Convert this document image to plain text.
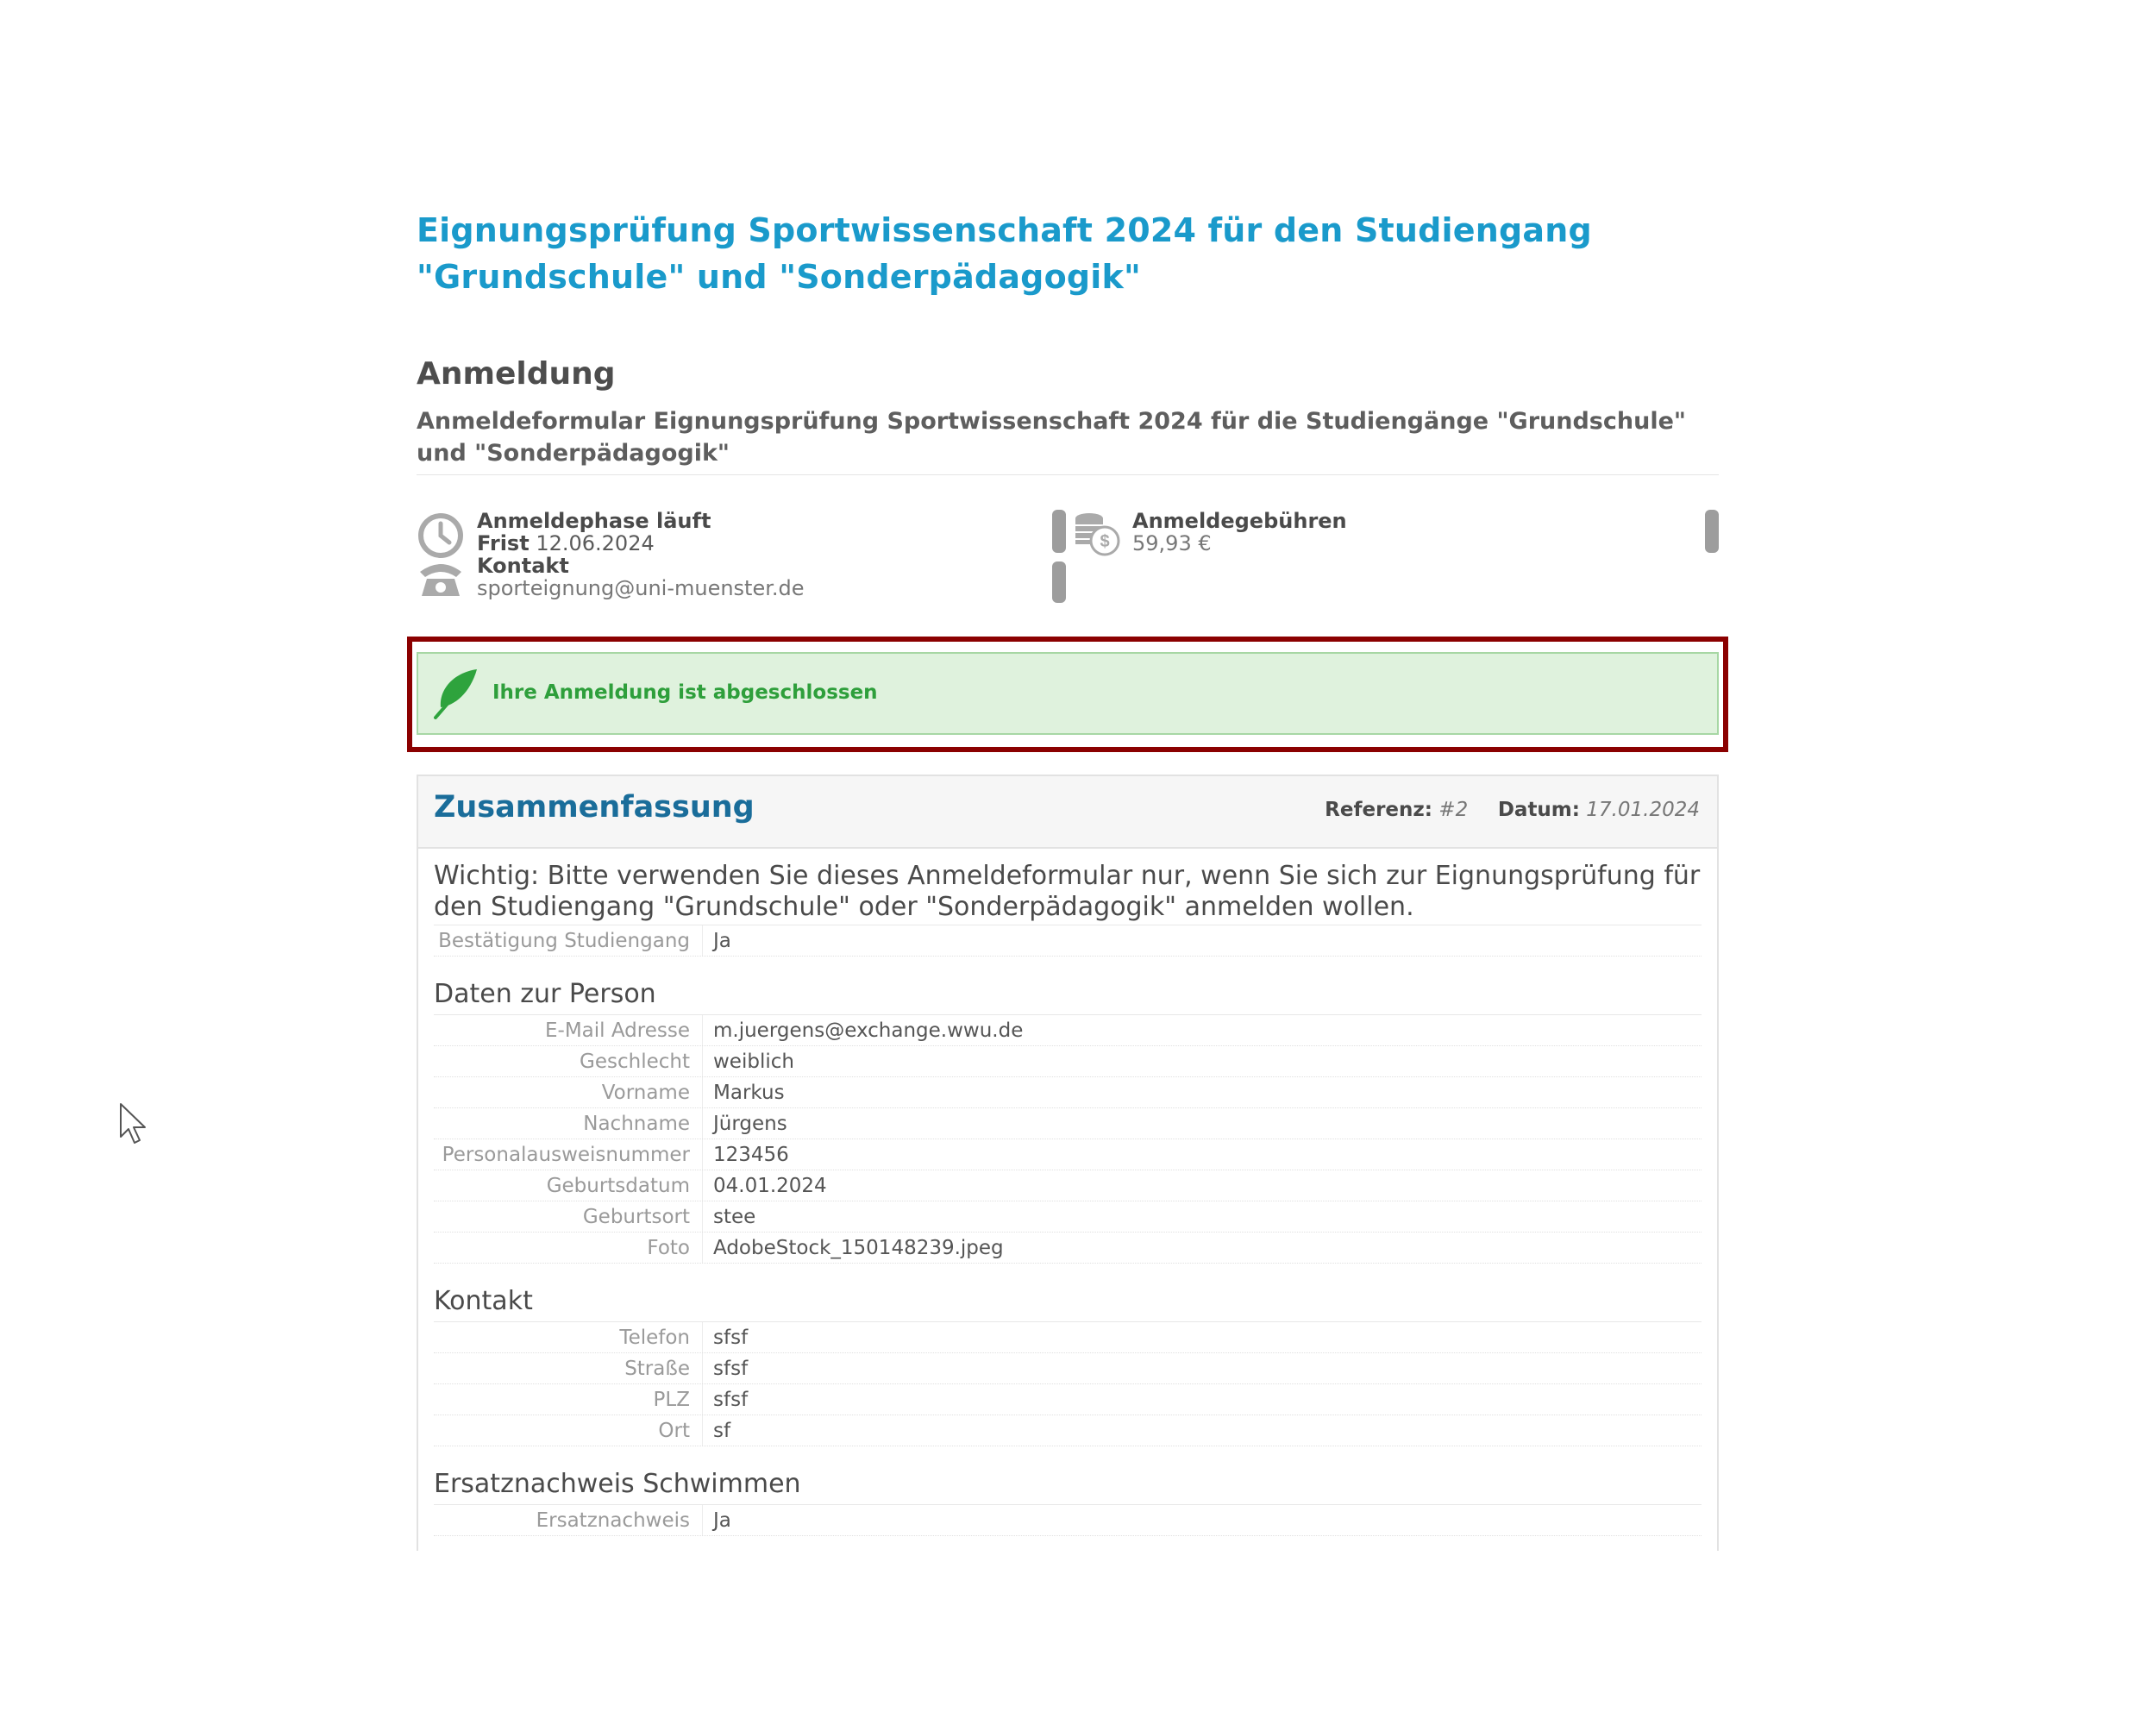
Eignungsprüfung Sportwissenschaft 2024 für den Studiengang "Grundschule" und "Sonderpädagogik"
Anmeldung
Anmeldeformular Eignungsprüfung Sportwissenschaft 2024 für die Studiengänge "Grundschule" und "Sonderpädagogik"
Anmeldephase läuft
Frist 12.06.2024
Kontakt
sporteignung@uni-muenster.de
$
Anmeldegebühren
59,93 €
Ihre Anmeldung ist abgeschlossen
Zusammenfassung	Referenz: #2 Datum: 17.01.2024
Wichtig: Bitte verwenden Sie dieses Anmeldeformular nur, wenn Sie sich zur Eignungsprüfung für den Studiengang "Grundschule" oder "Sonderpädagogik" anmelden wollen.
Bestätigung Studiengang	Ja
Daten zur Person
E-Mail Adresse	m.juergens@exchange.wwu.de
Geschlecht	weiblich
Vorname	Markus
Nachname	Jürgens
Personalausweisnummer	123456
Geburtsdatum	04.01.2024
Geburtsort	stee
Foto	AdobeStock_150148239.jpeg
Kontakt
Telefon	sfsf
Straße	sfsf
PLZ	sfsf
Ort	sf
Ersatznachweis Schwimmen
Ersatznachweis	Ja
